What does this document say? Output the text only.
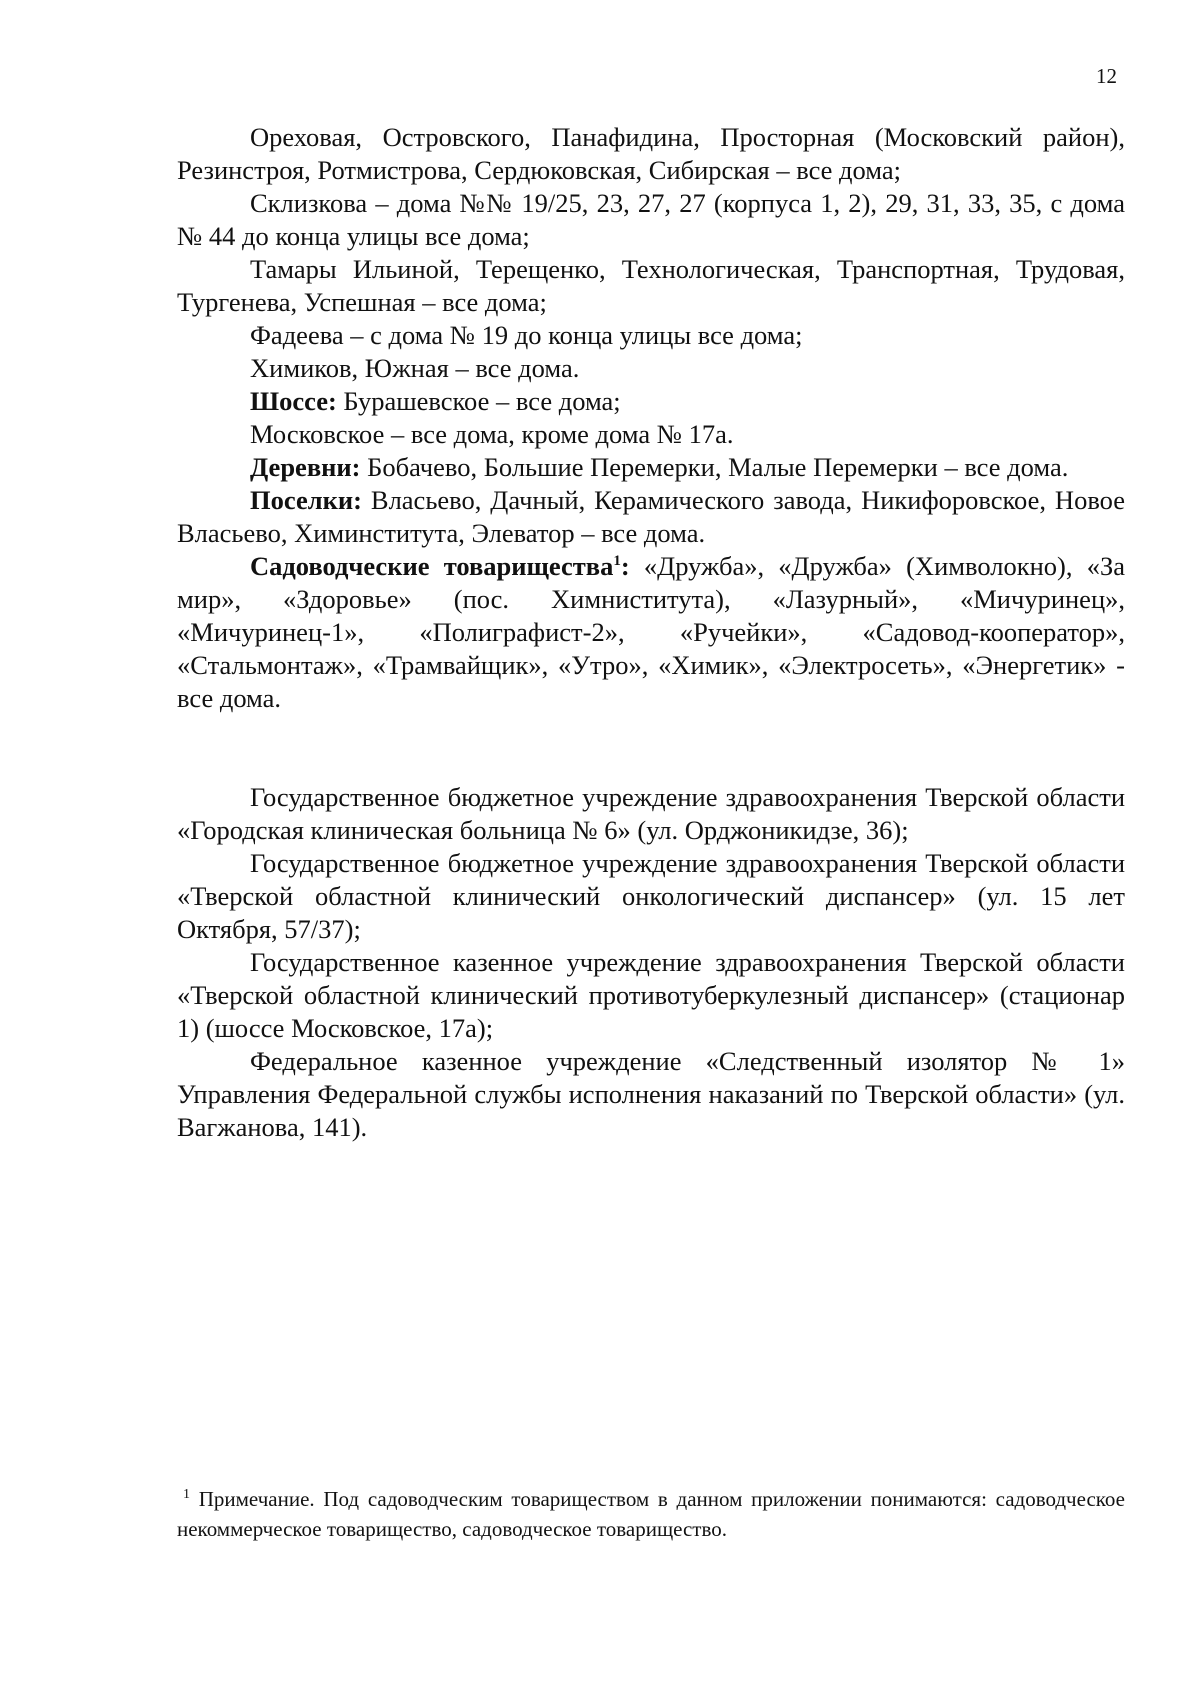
12

Ореховая, Островского, Панафидина, Просторная (Московский район), Резинстроя, Ротмистрова, Сердюковская, Сибирская – все дома;

Склизкова – дома №№ 19/25, 23, 27, 27 (корпуса 1, 2), 29, 31, 33, 35, с дома № 44 до конца улицы все дома;

Тамары Ильиной, Терещенко, Технологическая, Транспортная, Трудовая, Тургенева, Успешная – все дома;

Фадеева – с дома № 19 до конца улицы все дома;

Химиков, Южная – все дома.

Шоссе: Бурашевское – все дома;

Московское – все дома, кроме дома № 17а.

Деревни: Бобачево, Большие Перемерки, Малые Перемерки – все дома.

Поселки: Власьево, Дачный, Керамического завода, Никифоровское, Новое Власьево, Химинститута, Элеватор – все дома.

Садоводческие товарищества$^1$: «Дружба», «Дружба» (Химволокно), «За мир», «Здоровье» (пос. Химниститута), «Лазурный», «Мичуринец», «Мичуринец-1», «Полиграфист-2», «Ручейки», «Садовод-кооператор», «Стальмонтаж», «Трамвайщик», «Утро», «Химик», «Электросеть», «Энергетик» - все дома.

Государственное бюджетное учреждение здравоохранения Тверской области «Городская клиническая больница № 6» (ул. Орджоникидзе, 36);

Государственное бюджетное учреждение здравоохранения Тверской области «Тверской областной клинический онкологический диспансер» (ул. 15 лет Октября, 57/37);

Государственное казенное учреждение здравоохранения Тверской области «Тверской областной клинический противотуберкулезный диспансер» (стационар 1) (шоссе Московское, 17а);

Федеральное казенное учреждение «Следственный изолятор № 1» Управления Федеральной службы исполнения наказаний по Тверской области» (ул. Вагжанова, 141).

$^1$ Примечание. Под садоводческим товариществом в данном приложении понимаются: садоводческое некоммерческое товарищество, садоводческое товарищество.
